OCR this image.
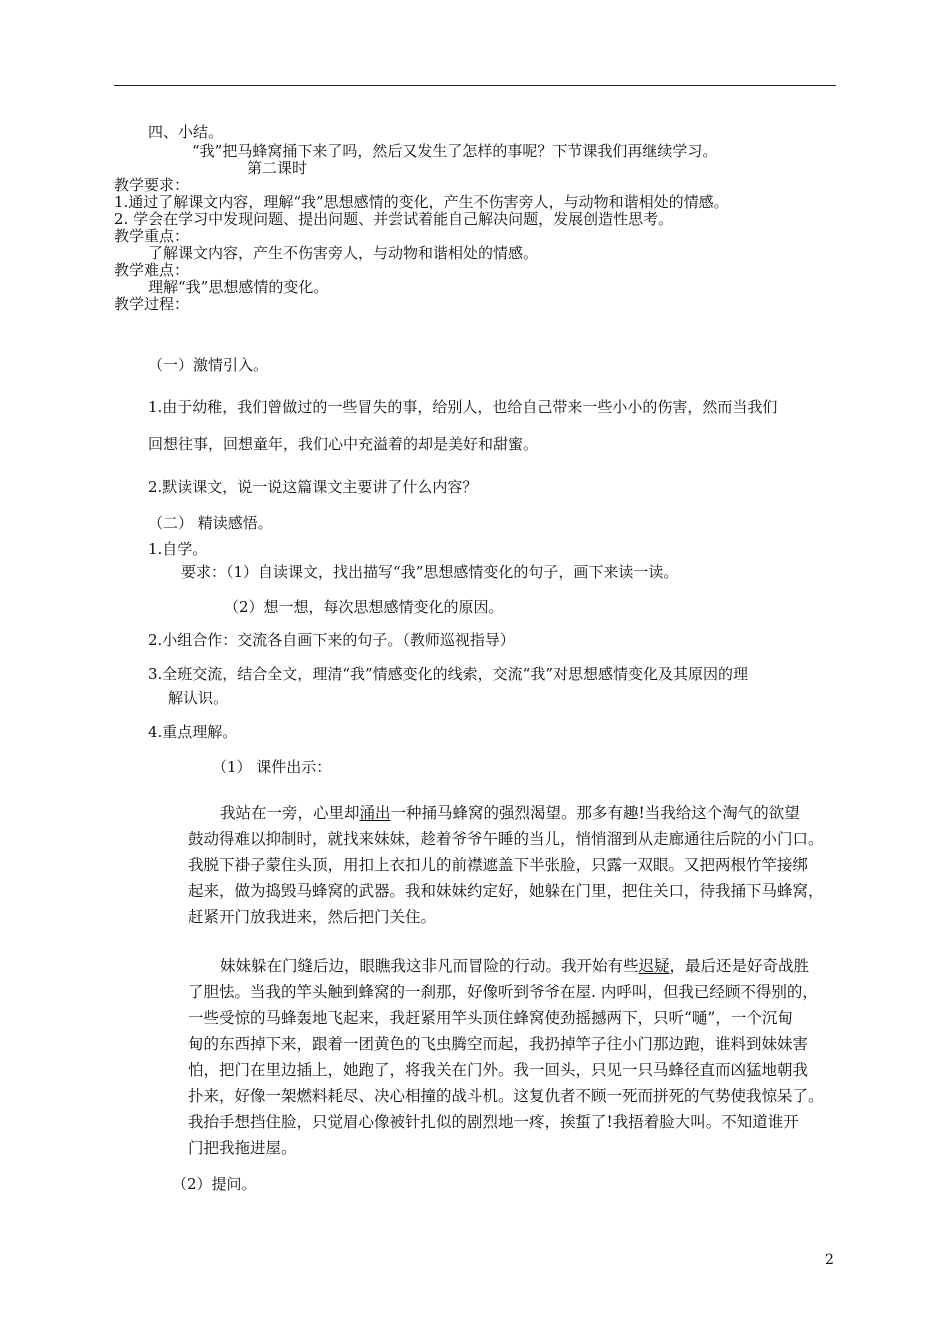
四、小结。
“我”把马蜂窝捅下来了吗，然后又发生了怎样的事呢？下节课我们再继续学习。
第二课时
教学要求：
1.通过了解课文内容，理解“我”思想感情的变化，产生不伤害旁人，与动物和谐相处的情感。
2. 学会在学习中发现问题、提出问题、并尝试着能自己解决问题，发展创造性思考。
教学重点：
了解课文内容，产生不伤害旁人，与动物和谐相处的情感。
教学难点：
理解“我”思想感情的变化。
教学过程：
（一）激情引入。
1.由于幼稚，我们曾做过的一些冒失的事，给别人，也给自己带来一些小小的伤害，然而当我们
回想往事，回想童年，我们心中充溢着的却是美好和甜蜜。
2.默读课文，说一说这篇课文主要讲了什么内容？
（二） 精读感悟。
1.自学。
要求：（1）自读课文，找出描写“我”思想感情变化的句子，画下来读一读。
（2）想一想，每次思想感情变化的原因。
2.小组合作：交流各自画下来的句子。（教师巡视指导）
3.全班交流，结合全文，理清“我”情感变化的线索，交流“我”对思想感情变化及其原因的理
解认识。
4.重点理解。
（1） 课件出示：
我站在一旁，心里却涌出一种捅马蜂窝的强烈渴望。那多有趣!当我给这个淘气的欲望
鼓动得难以抑制时，就找来妹妹，趁着爷爷午睡的当儿，悄悄溜到从走廊通往后院的小门口。
我脱下褂子蒙住头顶，用扣上衣扣儿的前襟遮盖下半张脸，只露一双眼。又把两根竹竿接绑
起来，做为捣毁马蜂窝的武器。我和妹妹约定好，她躲在门里，把住关口，待我捅下马蜂窝，
赶紧开门放我进来，然后把门关住。
妹妹躲在门缝后边，眼瞧我这非凡而冒险的行动。我开始有些迟疑，最后还是好奇战胜
了胆怯。当我的竿头触到蜂窝的一刹那，好像听到爷爷在屋. 内呼叫，但我已经顾不得别的，
一些受惊的马蜂轰地飞起来，我赶紧用竿头顶住蜂窝使劲摇撼两下，只听“嗵”，一个沉甸
甸的东西掉下来，跟着一团黄色的飞虫腾空而起，我扔掉竿子往小门那边跑，谁料到妹妹害
怕，把门在里边插上，她跑了，将我关在门外。我一回头，只见一只马蜂径直而凶猛地朝我
扑来，好像一架燃料耗尽、决心相撞的战斗机。这复仇者不顾一死而拼死的气势使我惊呆了。
我抬手想挡住脸，只觉眉心像被针扎似的剧烈地一疼，挨蜇了!我捂着脸大叫。不知道谁开
门把我拖进屋。
（2）提问。
2
